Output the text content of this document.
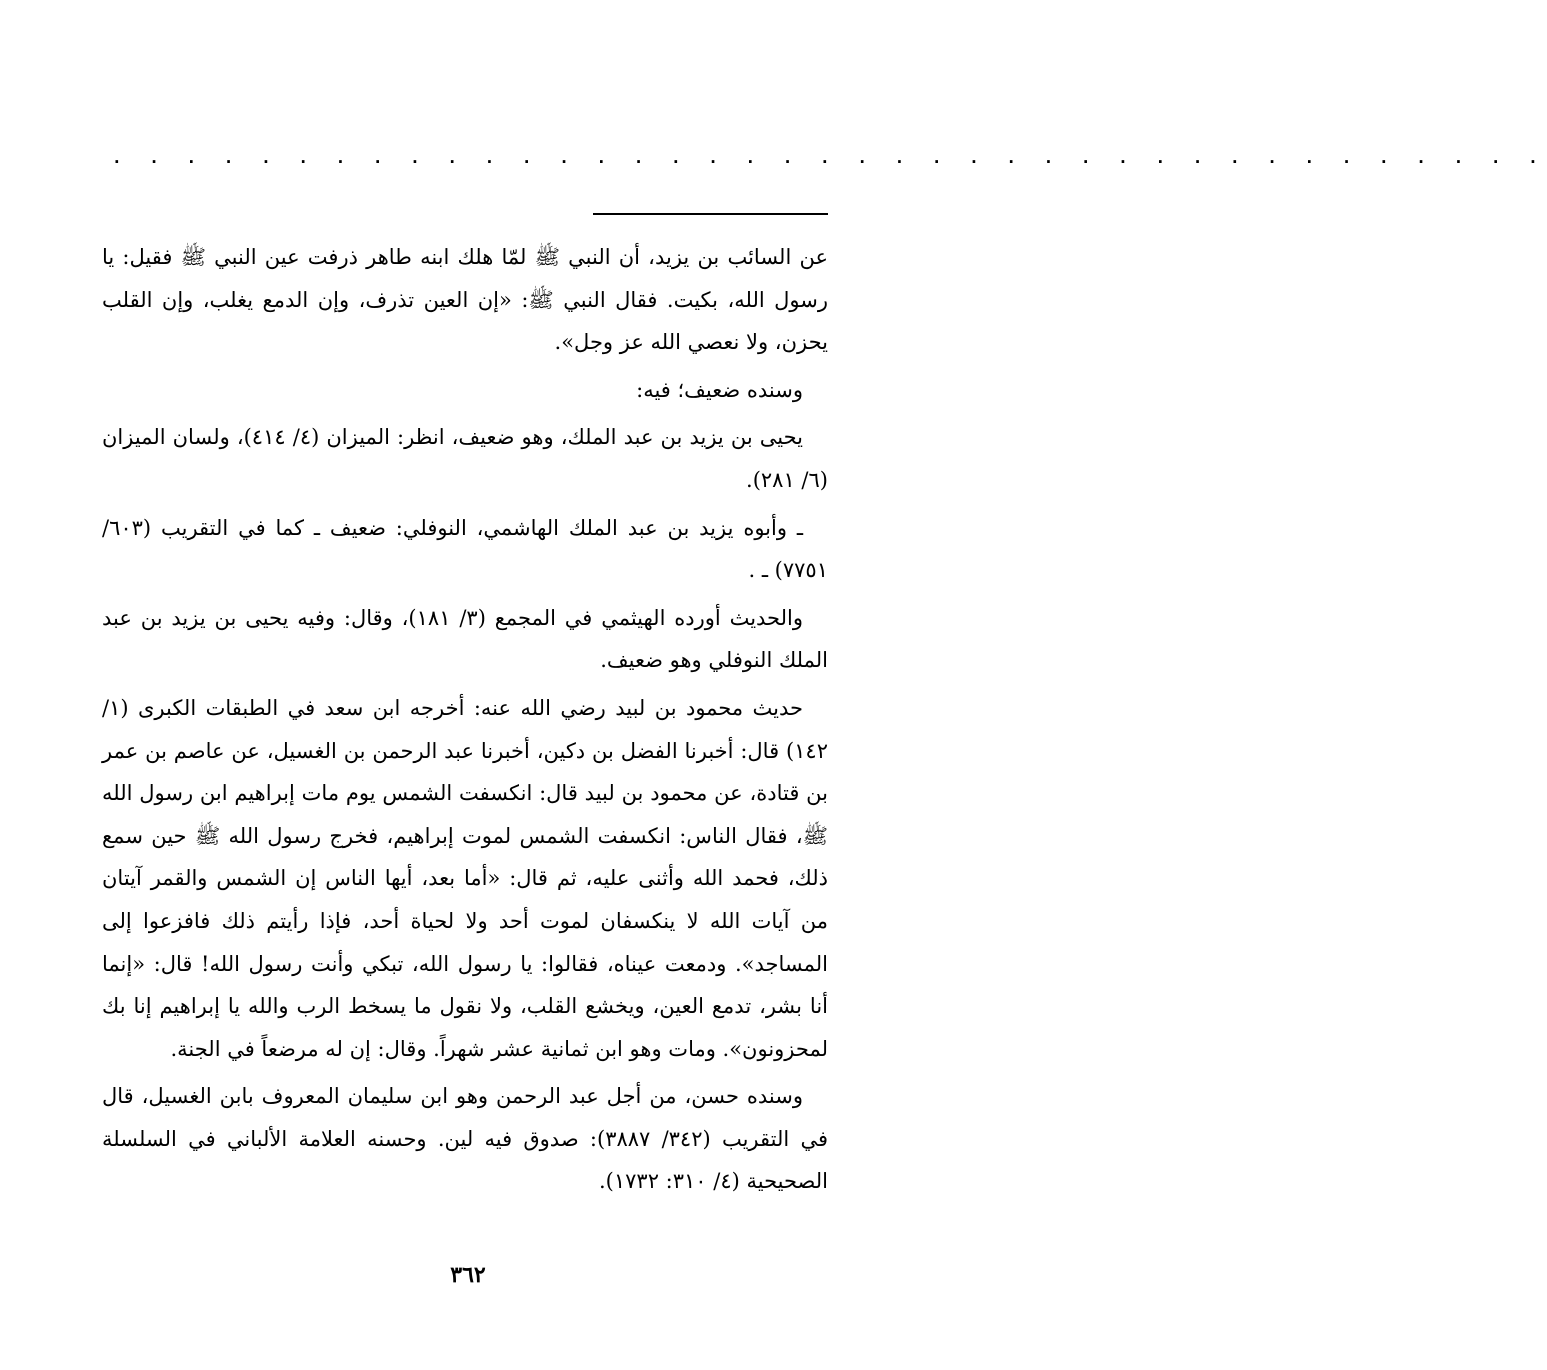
. . . . . . . . . . . . . . . . . . . . . . . . . . . . . . . . . . . . . . .

عن السائب بن يزيد، أن النبي ﷺ لمّا هلك ابنه طاهر ذرفت عين النبي ﷺ فقيل: يا رسول الله، بكيت. فقال النبي ﷺ: «إن العين تذرف، وإن الدمع يغلب، وإن القلب يحزن، ولا نعصي الله عز وجل».

وسنده ضعيف؛ فيه:

يحيى بن يزيد بن عبد الملك، وهو ضعيف، انظر: الميزان (٤/ ٤١٤)، ولسان الميزان (٦/ ٢٨١).

ـ وأبوه يزيد بن عبد الملك الهاشمي، النوفلي: ضعيف ـ كما في التقريب (٦٠٣/ ٧٧٥١) ـ .

والحديث أورده الهيثمي في المجمع (٣/ ١٨١)، وقال: وفيه يحيى بن يزيد بن عبد الملك النوفلي وهو ضعيف.

حديث محمود بن لبيد رضي الله عنه: أخرجه ابن سعد في الطبقات الكبرى (١/ ١٤٢) قال: أخبرنا الفضل بن دكين، أخبرنا عبد الرحمن بن الغسيل، عن عاصم بن عمر بن قتادة، عن محمود بن لبيد قال: انكسفت الشمس يوم مات إبراهيم ابن رسول الله ﷺ، فقال الناس: انكسفت الشمس لموت إبراهيم، فخرج رسول الله ﷺ حين سمع ذلك، فحمد الله وأثنى عليه، ثم قال: «أما بعد، أيها الناس إن الشمس والقمر آيتان من آيات الله لا ينكسفان لموت أحد ولا لحياة أحد، فإذا رأيتم ذلك فافزعوا إلى المساجد». ودمعت عيناه، فقالوا: يا رسول الله، تبكي وأنت رسول الله! قال: «إنما أنا بشر، تدمع العين، ويخشع القلب، ولا نقول ما يسخط الرب والله يا إبراهيم إنا بك لمحزونون». ومات وهو ابن ثمانية عشر شهراً. وقال: إن له مرضعاً في الجنة.

وسنده حسن، من أجل عبد الرحمن وهو ابن سليمان المعروف بابن الغسيل، قال في التقريب (٣٤٢/ ٣٨٨٧): صدوق فيه لين. وحسنه العلامة الألباني في السلسلة الصحيحية (٤/ ٣١٠: ١٧٣٢).

٣٦٢
